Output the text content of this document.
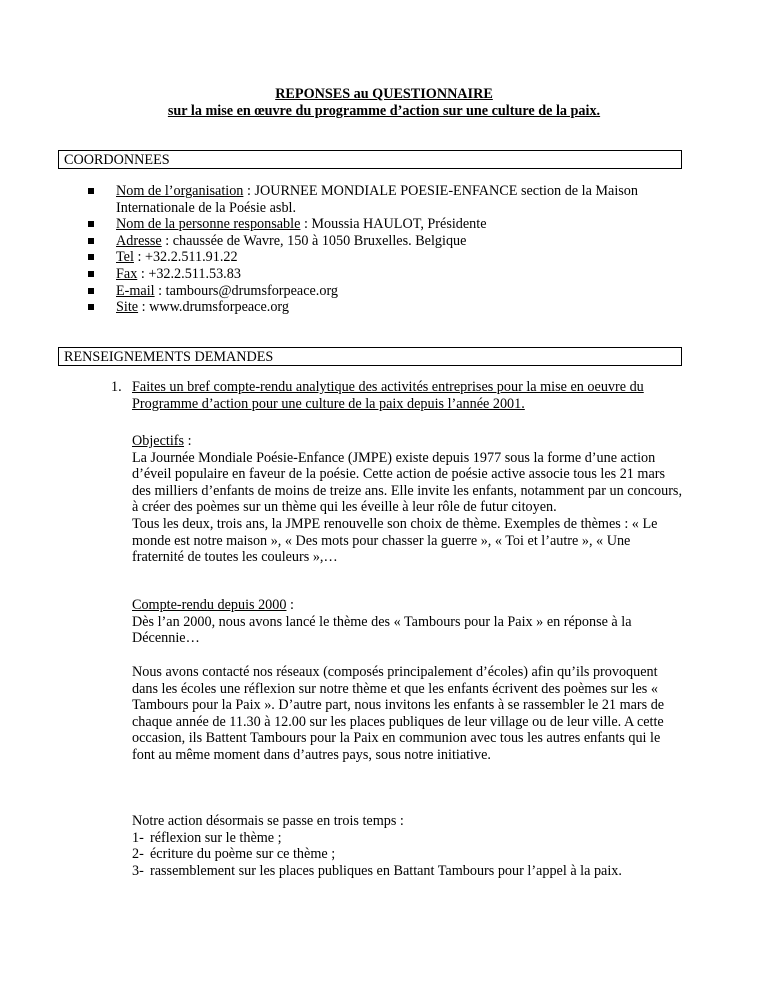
REPONSES au QUESTIONNAIRE
sur la mise en œuvre du programme d’action sur une culture de la paix.
COORDONNEES
Nom de l’organisation : JOURNEE MONDIALE POESIE-ENFANCE section de la Maison Internationale de la Poésie asbl.
Nom de la personne responsable : Moussia HAULOT, Présidente
Adresse : chaussée de Wavre, 150 à 1050 Bruxelles. Belgique
Tel : +32.2.511.91.22
Fax : +32.2.511.53.83
E-mail : tambours@drumsforpeace.org
Site : www.drumsforpeace.org
RENSEIGNEMENTS DEMANDES
1. Faites un bref compte-rendu analytique des activités entreprises pour la mise en oeuvre du Programme d’action pour une culture de la paix depuis l’année 2001.
Objectifs :
La Journée Mondiale Poésie-Enfance (JMPE) existe depuis 1977 sous la forme d’une action d’éveil populaire en faveur de la poésie. Cette action de poésie active associe tous les 21 mars des milliers d’enfants de moins de treize ans. Elle invite les enfants, notamment par un concours, à créer des poèmes sur un thème qui les éveille à leur rôle de futur citoyen.
Tous les deux, trois ans, la JMPE renouvelle son choix de thème. Exemples de thèmes : « Le monde est notre maison », « Des mots pour chasser la guerre », « Toi et l’autre », « Une fraternité de toutes les couleurs »,…
Compte-rendu depuis 2000 :
Dès l’an 2000, nous avons lancé le thème des « Tambours pour la Paix » en réponse à la Décennie…
Nous avons contacté nos réseaux (composés principalement d’écoles) afin qu’ils provoquent dans les écoles une réflexion sur notre thème et que les enfants écrivent des poèmes sur les « Tambours pour la Paix ». D’autre part, nous invitons les enfants à se rassembler le 21 mars de chaque année de 11.30 à 12.00 sur les places publiques de leur village ou de leur ville. A cette occasion, ils Battent Tambours pour la Paix en communion avec tous les autres enfants qui le font au même moment dans d’autres pays, sous notre initiative.
Notre action désormais se passe en trois temps :
1- réflexion sur le thème ;
2- écriture du poème sur ce thème ;
3- rassemblement sur les places publiques en Battant Tambours pour l’appel à la paix.
